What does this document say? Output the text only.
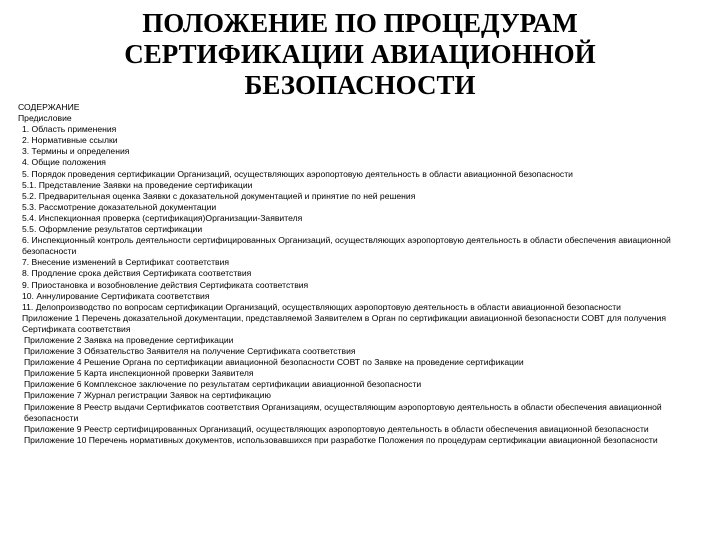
ПОЛОЖЕНИЕ ПО ПРОЦЕДУРАМ
СЕРТИФИКАЦИИ АВИАЦИОННОЙ
БЕЗОПАСНОСТИ
СОДЕРЖАНИЕ
Предисловие
1. Область применения
2. Нормативные ссылки
3. Термины и определения
4. Общие положения
5. Порядок проведения сертификации Организаций, осуществляющих аэропортовую деятельность в области авиационной безопасности
5.1. Представление Заявки на проведение сертификации
5.2. Предварительная оценка Заявки с доказательной документацией и принятие по ней решения
5.3. Рассмотрение доказательной документации
5.4. Инспекционная проверка (сертификация)Организации-Заявителя
5.5. Оформление результатов сертификации
6. Инспекционный контроль деятельности сертифицированных Организаций, осуществляющих аэропортовую деятельность в области обеспечения авиационной безопасности
7. Внесение изменений в Сертификат соответствия
8. Продление срока действия Сертификата соответствия
9. Приостановка и возобновление действия Сертификата соответствия
10. Аннулирование Сертификата соответствия
11. Делопроизводство по вопросам сертификации Организаций, осуществляющих аэропортовую деятельность в области авиационной безопасности
Приложение 1 Перечень доказательной документации, представляемой Заявителем в Орган по сертификации авиационной безопасности СОВТ для получения Сертификата соответствия
Приложение 2 Заявка на проведение сертификации
Приложение 3 Обязательство Заявителя на получение Сертификата соответствия
Приложение 4 Решение Органа по сертификации авиационной безопасности СОВТ по Заявке на проведение сертификации
Приложение 5 Карта инспекционной проверки Заявителя
Приложение 6 Комплексное заключение по результатам сертификации авиационной безопасности
Приложение 7 Журнал регистрации Заявок на сертификацию
Приложение 8 Реестр выдачи Сертификатов соответствия Организациям, осуществляющим аэропортовую деятельность в области обеспечения авиационной безопасности
Приложение 9 Реестр сертифицированных Организаций, осуществляющих аэропортовую деятельность в области обеспечения авиационной безопасности
Приложение 10 Перечень нормативных документов, использовавшихся при разработке Положения по процедурам сертификации авиационной безопасности
